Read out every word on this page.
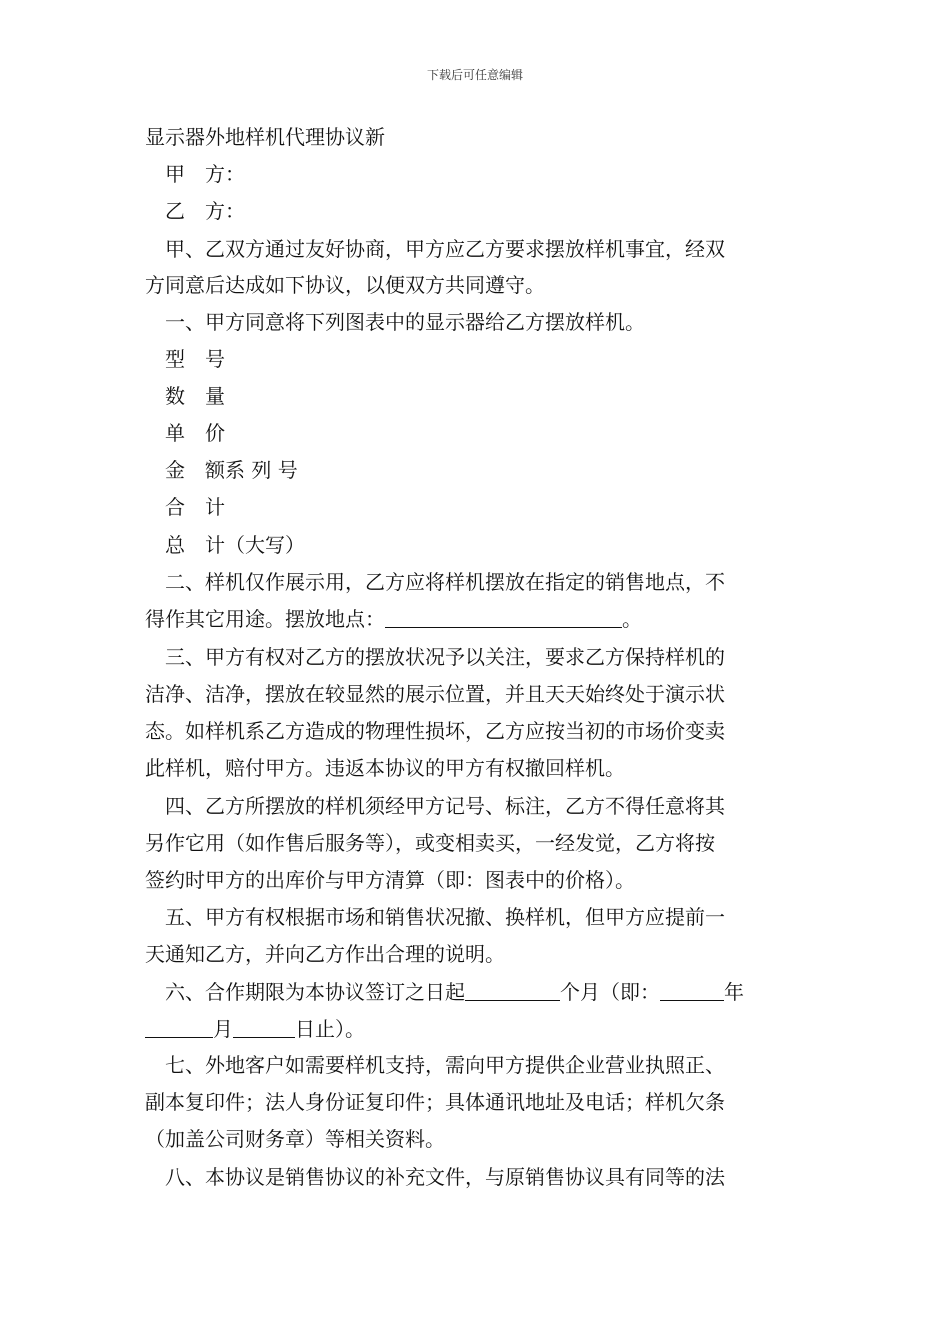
下载后可任意编辑
显示器外地样机代理协议新
甲　方：
乙　方：
甲、乙双方通过友好协商，甲方应乙方要求摆放样机事宜，经双
方同意后达成如下协议，以便双方共同遵守。
一、甲方同意将下列图表中的显示器给乙方摆放样机。
型　号
数　量
单　价
金　额系 列 号
合　计
总　计（大写）
二、样机仅作展示用，乙方应将样机摆放在指定的销售地点，不
得作其它用途。摆放地点：	。
三、甲方有权对乙方的摆放状况予以关注，要求乙方保持样机的
洁净、洁净，摆放在较显然的展示位置，并且天天始终处于演示状
态。如样机系乙方造成的物理性损坏，乙方应按当初的市场价变卖
此样机，赔付甲方。违返本协议的甲方有权撤回样机。
四、乙方所摆放的样机须经甲方记号、标注，乙方不得任意将其
另作它用（如作售后服务等），或变相卖买，一经发觉，乙方将按
签约时甲方的出库价与甲方清算（即：图表中的价格）。
五、甲方有权根据市场和销售状况撤、换样机，但甲方应提前一
天通知乙方，并向乙方作出合理的说明。
六、合作期限为本协议签订之日起	个月（即：	年
月	日止）。
七、外地客户如需要样机支持，需向甲方提供企业营业执照正、
副本复印件；法人身份证复印件；具体通讯地址及电话；样机欠条
（加盖公司财务章）等相关资料。
八、本协议是销售协议的补充文件，与原销售协议具有同等的法
